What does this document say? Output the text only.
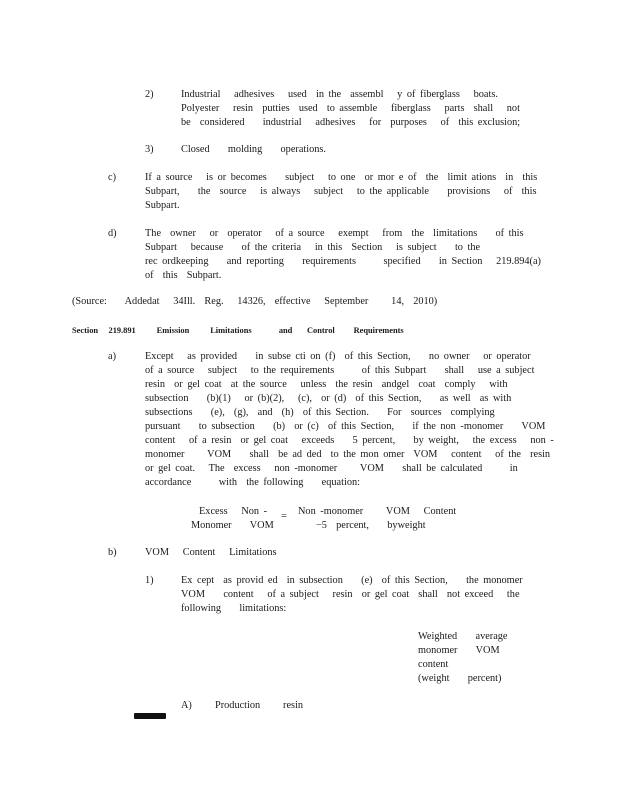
2)	Industrial   adhesives   used  in the  assembl   y of fiberglass   boats.
Polyester   resin  putties  used  to assemble   fiberglass   parts  shall   not
be  considered    industrial   adhesives   for  purposes   of  this exclusion;
3)	Closed    molding    operations.
c)	If a source   is or becomes    subject   to one  or mor e of  the  limit ations  in  this
Subpart,    the  source   is always   subject   to the applicable    provisions   of  this
Subpart.
d)	The  owner   or  operator   of a source   exempt   from  the  limitations    of this
Subpart   because    of the criteria   in this  Section   is subject    to the
rec ordkeeping    and reporting    requirements      specified    in Section   219.894(a)
of  this  Subpart.
(Source:    Addedat   34Ill.  Reg.   14326,  effective   September     14,  2010)
Section     219.891          Emission          Limitations             and       Control         Requirements
a)	Except   as provided    in subse cti on (f)  of this Section,    no owner   or operator
of a source   subject   to the requirements      of this Subpart    shall   use a subject
resin  or gel coat  at the source   unless  the resin  andgel  coat  comply   with
subsection    (b)(1)   or (b)(2),   (c),  or (d)  of this Section,    as well  as with
subsections    (e),  (g),  and  (h)  of this Section.    For  sources  complying
pursuant    to subsection    (b)  or (c)  of this Section,    if the non -monomer    VOM
content   of a resin  or gel coat   exceeds    5 percent,    by weight,   the excess   non -
monomer     VOM    shall  be ad ded  to the mon omer  VOM   content   of the  resin
or gel coat.   The  excess   non -monomer     VOM    shall be calculated      in
accordance      with  the following    equation:
Excess   Non -
Monomer    VOM
= Non -monomer     VOM   Content
−5  percent,    byweight
b)	VOM   Content   Limitations
1)	Ex cept  as provid ed  in subsection    (e)  of this Section,    the monomer
VOM    content   of a subject   resin  or gel coat  shall  not exceed   the
following    limitations:
Weighted    average
monomer    VOM
content
(weight    percent)
A) Production     resin
